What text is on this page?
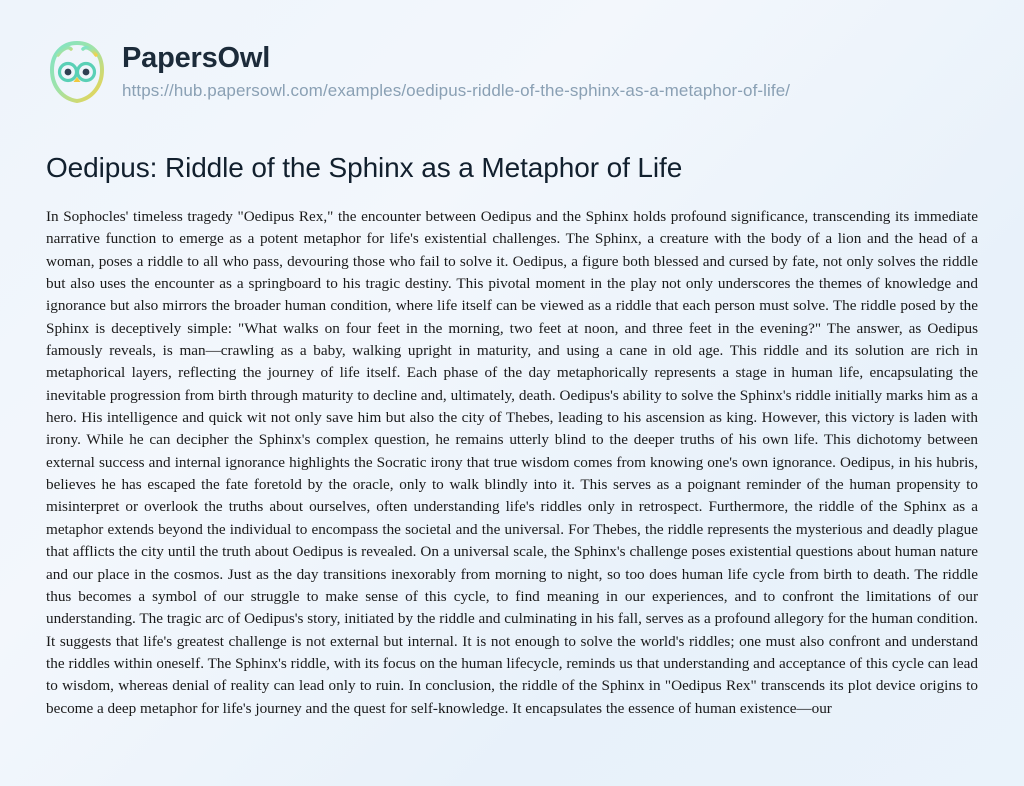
PapersOwl
https://hub.papersowl.com/examples/oedipus-riddle-of-the-sphinx-as-a-metaphor-of-life/
Oedipus: Riddle of the Sphinx as a Metaphor of Life
In Sophocles' timeless tragedy "Oedipus Rex," the encounter between Oedipus and the Sphinx holds profound significance, transcending its immediate narrative function to emerge as a potent metaphor for life's existential challenges. The Sphinx, a creature with the body of a lion and the head of a woman, poses a riddle to all who pass, devouring those who fail to solve it. Oedipus, a figure both blessed and cursed by fate, not only solves the riddle but also uses the encounter as a springboard to his tragic destiny. This pivotal moment in the play not only underscores the themes of knowledge and ignorance but also mirrors the broader human condition, where life itself can be viewed as a riddle that each person must solve. The riddle posed by the Sphinx is deceptively simple: "What walks on four feet in the morning, two feet at noon, and three feet in the evening?" The answer, as Oedipus famously reveals, is man—crawling as a baby, walking upright in maturity, and using a cane in old age. This riddle and its solution are rich in metaphorical layers, reflecting the journey of life itself. Each phase of the day metaphorically represents a stage in human life, encapsulating the inevitable progression from birth through maturity to decline and, ultimately, death. Oedipus's ability to solve the Sphinx's riddle initially marks him as a hero. His intelligence and quick wit not only save him but also the city of Thebes, leading to his ascension as king. However, this victory is laden with irony. While he can decipher the Sphinx's complex question, he remains utterly blind to the deeper truths of his own life. This dichotomy between external success and internal ignorance highlights the Socratic irony that true wisdom comes from knowing one's own ignorance. Oedipus, in his hubris, believes he has escaped the fate foretold by the oracle, only to walk blindly into it. This serves as a poignant reminder of the human propensity to misinterpret or overlook the truths about ourselves, often understanding life's riddles only in retrospect. Furthermore, the riddle of the Sphinx as a metaphor extends beyond the individual to encompass the societal and the universal. For Thebes, the riddle represents the mysterious and deadly plague that afflicts the city until the truth about Oedipus is revealed. On a universal scale, the Sphinx's challenge poses existential questions about human nature and our place in the cosmos. Just as the day transitions inexorably from morning to night, so too does human life cycle from birth to death. The riddle thus becomes a symbol of our struggle to make sense of this cycle, to find meaning in our experiences, and to confront the limitations of our understanding. The tragic arc of Oedipus's story, initiated by the riddle and culminating in his fall, serves as a profound allegory for the human condition. It suggests that life's greatest challenge is not external but internal. It is not enough to solve the world's riddles; one must also confront and understand the riddles within oneself. The Sphinx's riddle, with its focus on the human lifecycle, reminds us that understanding and acceptance of this cycle can lead to wisdom, whereas denial of reality can lead only to ruin. In conclusion, the riddle of the Sphinx in "Oedipus Rex" transcends its plot device origins to become a deep metaphor for life's journey and the quest for self-knowledge. It encapsulates the essence of human existence—our
